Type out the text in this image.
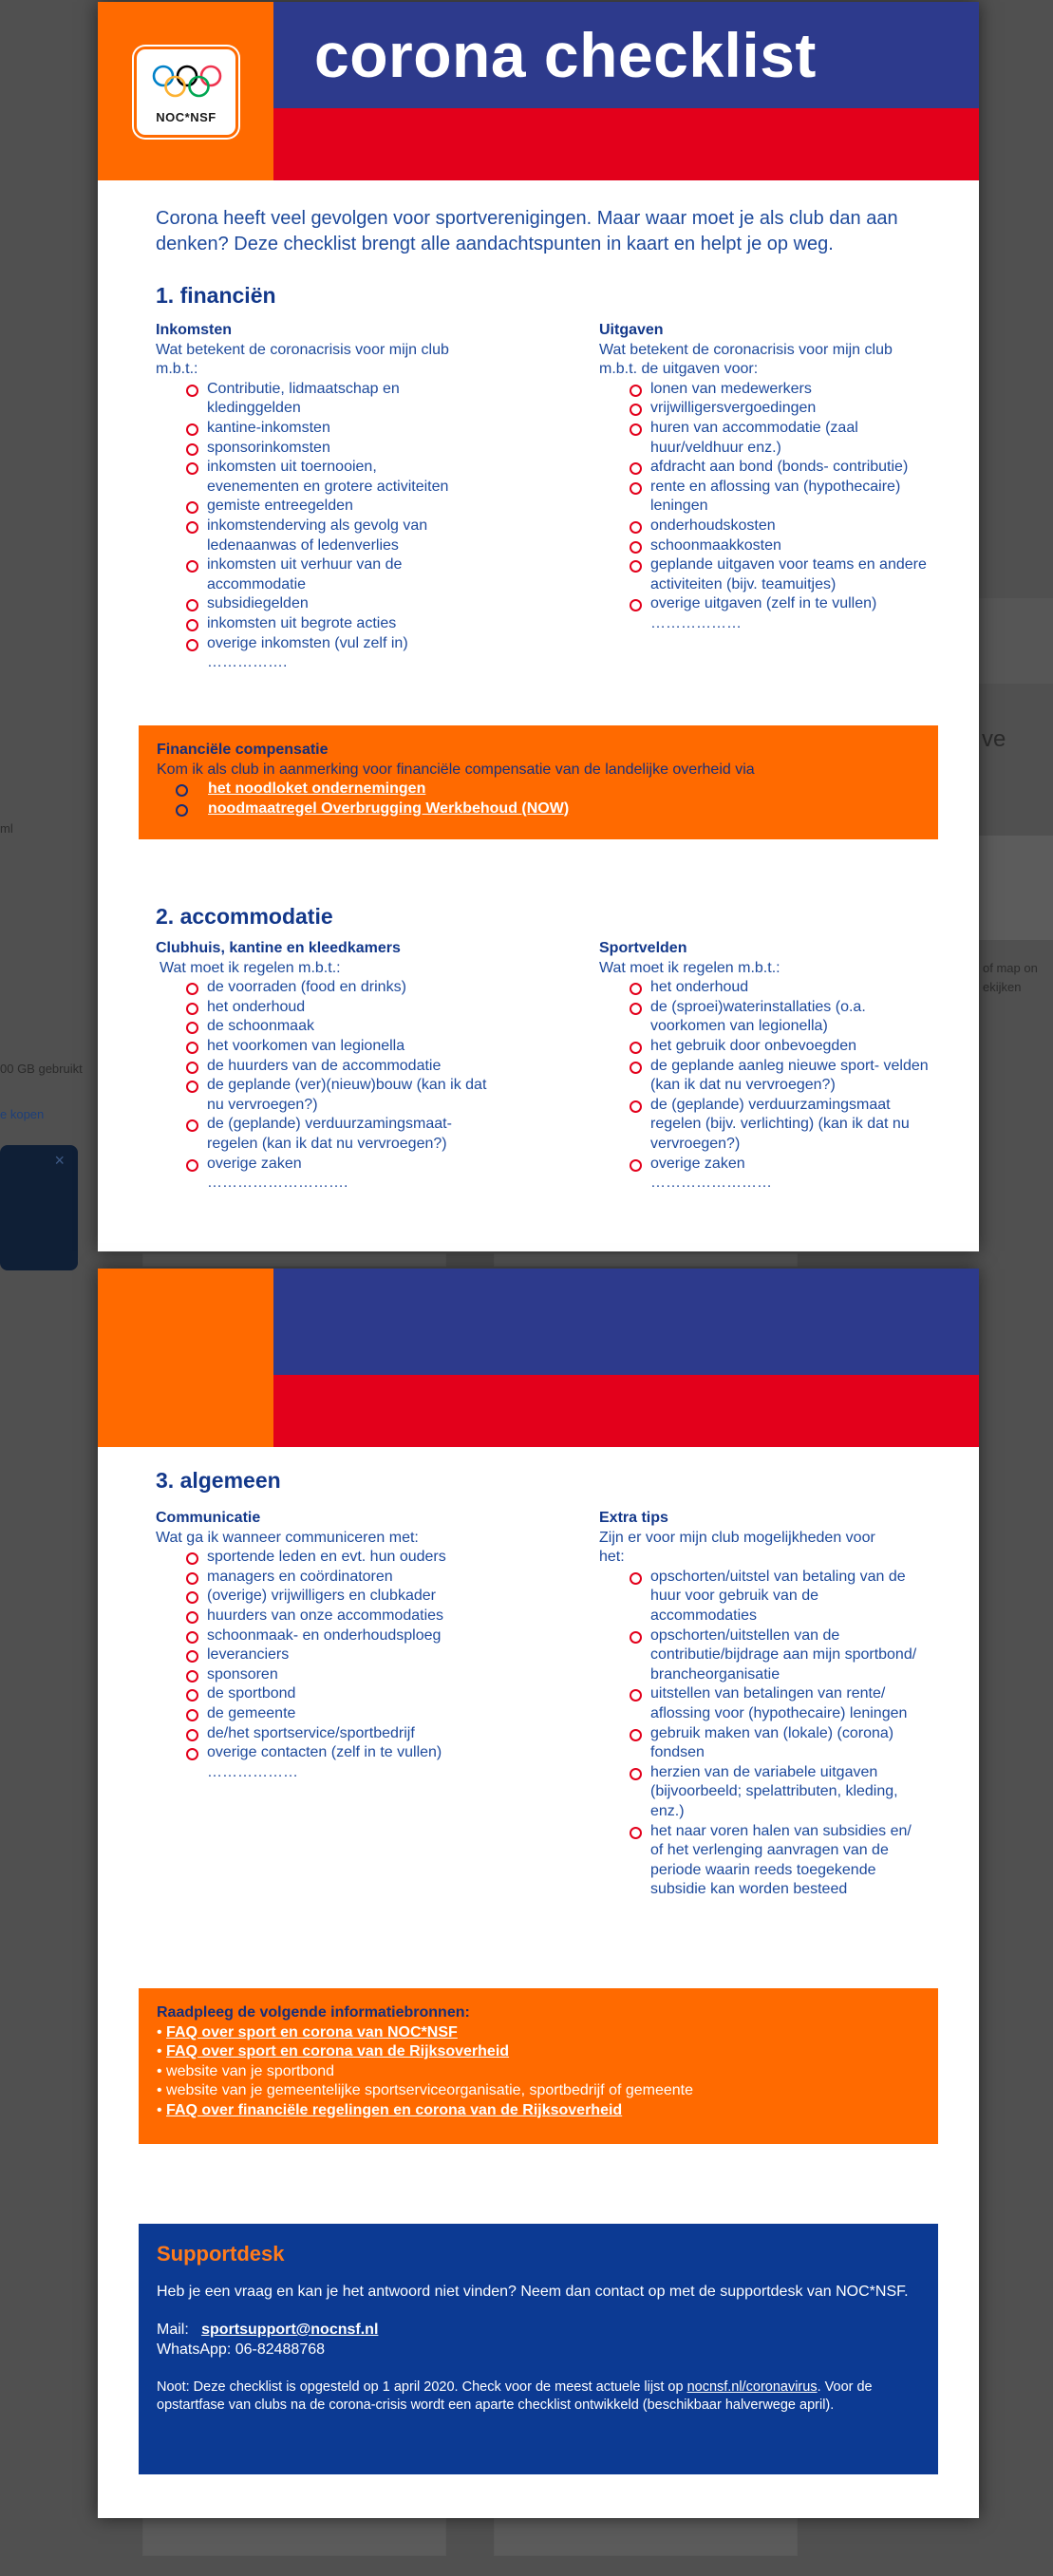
ve
of map on
ekijken
ml
00 GB gebruikt
e kopen
×
NOC*NSF
corona checklist
Corona heeft veel gevolgen voor sportverenigingen. Maar waar moet je als club dan aan denken? Deze checklist brengt alle aandachtspunten in kaart en helpt je op weg.
1. financiën
Inkomsten
Wat betekent de coronacrisis voor mijn club m.b.t.:
Contributie, lidmaatschap en kledinggelden
kantine-inkomsten
sponsorinkomsten
inkomsten uit toernooien, evenementen en grotere activiteiten
gemiste entreegelden
inkomstenderving als gevolg van ledenaanwas of ledenverlies
inkomsten uit verhuur van de accommodatie
subsidiegelden
inkomsten uit begrote acties
overige inkomsten (vul zelf in)
…………….
Uitgaven
Wat betekent de coronacrisis voor mijn club m.b.t. de uitgaven voor:
lonen van medewerkers
vrijwilligersvergoedingen
huren van accommodatie (zaal huur/veldhuur enz.)
afdracht aan bond (bonds- contributie)
rente en aflossing van (hypothecaire) leningen
onderhoudskosten
schoonmaakkosten
geplande uitgaven voor teams en andere activiteiten (bijv. teamuitjes)
overige uitgaven (zelf in te vullen)
………………
Financiële compensatie
Kom ik als club in aanmerking voor financiële compensatie van de landelijke overheid via
het noodloket ondernemingen
noodmaatregel Overbrugging Werkbehoud (NOW)
2. accommodatie
Clubhuis, kantine en kleedkamers
Wat moet ik regelen m.b.t.:
de voorraden (food en drinks)
het onderhoud
de schoonmaak
het voorkomen van legionella
de huurders van de accommodatie
de geplande (ver)(nieuw)bouw (kan ik dat nu vervroegen?)
de (geplande) verduurzamingsmaat- regelen (kan ik dat nu vervroegen?)
overige zaken
……………………….
Sportvelden
Wat moet ik regelen m.b.t.:
het onderhoud
de (sproei)waterinstallaties (o.a. voorkomen van legionella)
het gebruik door onbevoegden
de geplande aanleg nieuwe sport- velden (kan ik dat nu vervroegen?)
de (geplande) verduurzamingsmaat regelen (bijv. verlichting) (kan ik dat nu vervroegen?)
overige zaken
……………………
3. algemeen
Communicatie
Wat ga ik wanneer communiceren met:
sportende leden en evt. hun ouders
managers en coördinatoren
(overige) vrijwilligers en clubkader
huurders van onze accommodaties
schoonmaak- en onderhoudsploeg
leveranciers
sponsoren
de sportbond
de gemeente
de/het sportservice/sportbedrijf
overige contacten (zelf in te vullen)
………………
Extra tips
Zijn er voor mijn club mogelijkheden voor het:
opschorten/uitstel van betaling van de huur voor gebruik van de accommodaties
opschorten/uitstellen van de contributie/bijdrage aan mijn sportbond/ brancheorganisatie
uitstellen van betalingen van rente/ aflossing voor (hypothecaire) leningen
gebruik maken van (lokale) (corona) fondsen
herzien van de variabele uitgaven (bijvoorbeeld; spelattributen, kleding, enz.)
het naar voren halen van subsidies en/ of het verlenging aanvragen van de periode waarin reeds toegekende subsidie kan worden besteed
Raadpleeg de volgende informatiebronnen:
• FAQ over sport en corona van NOC*NSF
• FAQ over sport en corona van de Rijksoverheid
• website van je sportbond
• website van je gemeentelijke sportserviceorganisatie, sportbedrijf of gemeente
• FAQ over financiële regelingen en corona van de Rijksoverheid
Supportdesk
Heb je een vraag en kan je het antwoord niet vinden? Neem dan contact op met de supportdesk van NOC*NSF.
Mail: sportsupport@nocnsf.nl
WhatsApp: 06-82488768
Noot: Deze checklist is opgesteld op 1 april 2020. Check voor de meest actuele lijst op nocnsf.nl/coronavirus. Voor de opstartfase van clubs na de corona-crisis wordt een aparte checklist ontwikkeld (beschikbaar halverwege april).
